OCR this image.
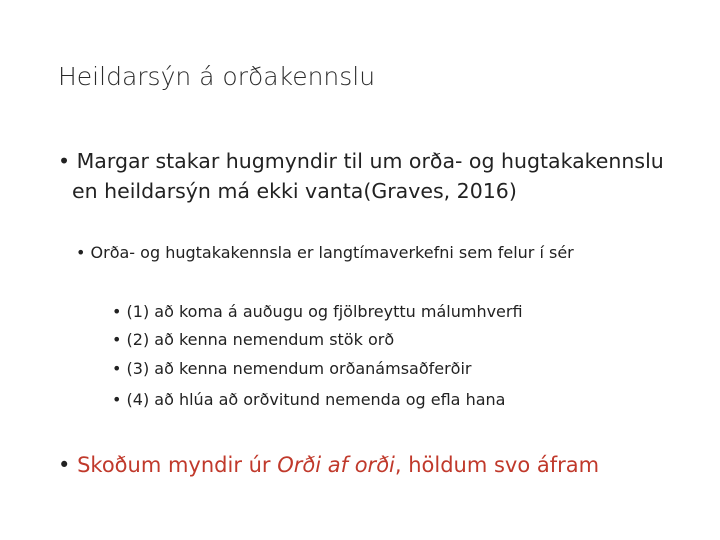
Heildarsýn á orðakennslu
• Margar stakar hugmyndir til um orða- og hugtakakennslu en heildarsýn má ekki vanta(Graves, 2016)
• Orða- og hugtakakennsla er langtímaverkefni sem felur í sér
• (1) að koma á auðugu og fjölbreyttu málumhverfi
• (2) að kenna nemendum stök orð
• (3) að kenna nemendum orðanámsaðferðir
• (4) að hlúa að orðvitund nemenda og efla hana
• Skoðum myndir úr Orði af orði, höldum svo áfram
